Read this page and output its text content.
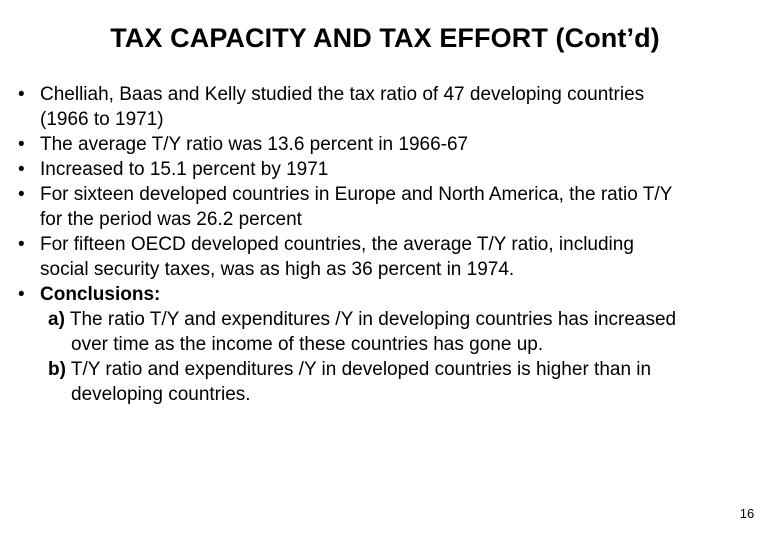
TAX CAPACITY AND TAX EFFORT (Cont’d)
• Chelliah, Baas and Kelly studied the tax ratio of 47 developing countries
(1966 to 1971)
• The average T/Y ratio was 13.6 percent in 1966-67
• Increased to 15.1 percent by 1971
• For sixteen developed countries in Europe and North America, the ratio T/Y
for the period was 26.2 percent
• For fifteen OECD developed countries, the average T/Y ratio, including
social security taxes, was as high as 36 percent in 1974.
• Conclusions:
a) The ratio T/Y and expenditures /Y in developing countries has increased
over time as the income of these countries has gone up.
b) T/Y ratio and expenditures /Y in developed countries is higher than in
developing countries.
16
